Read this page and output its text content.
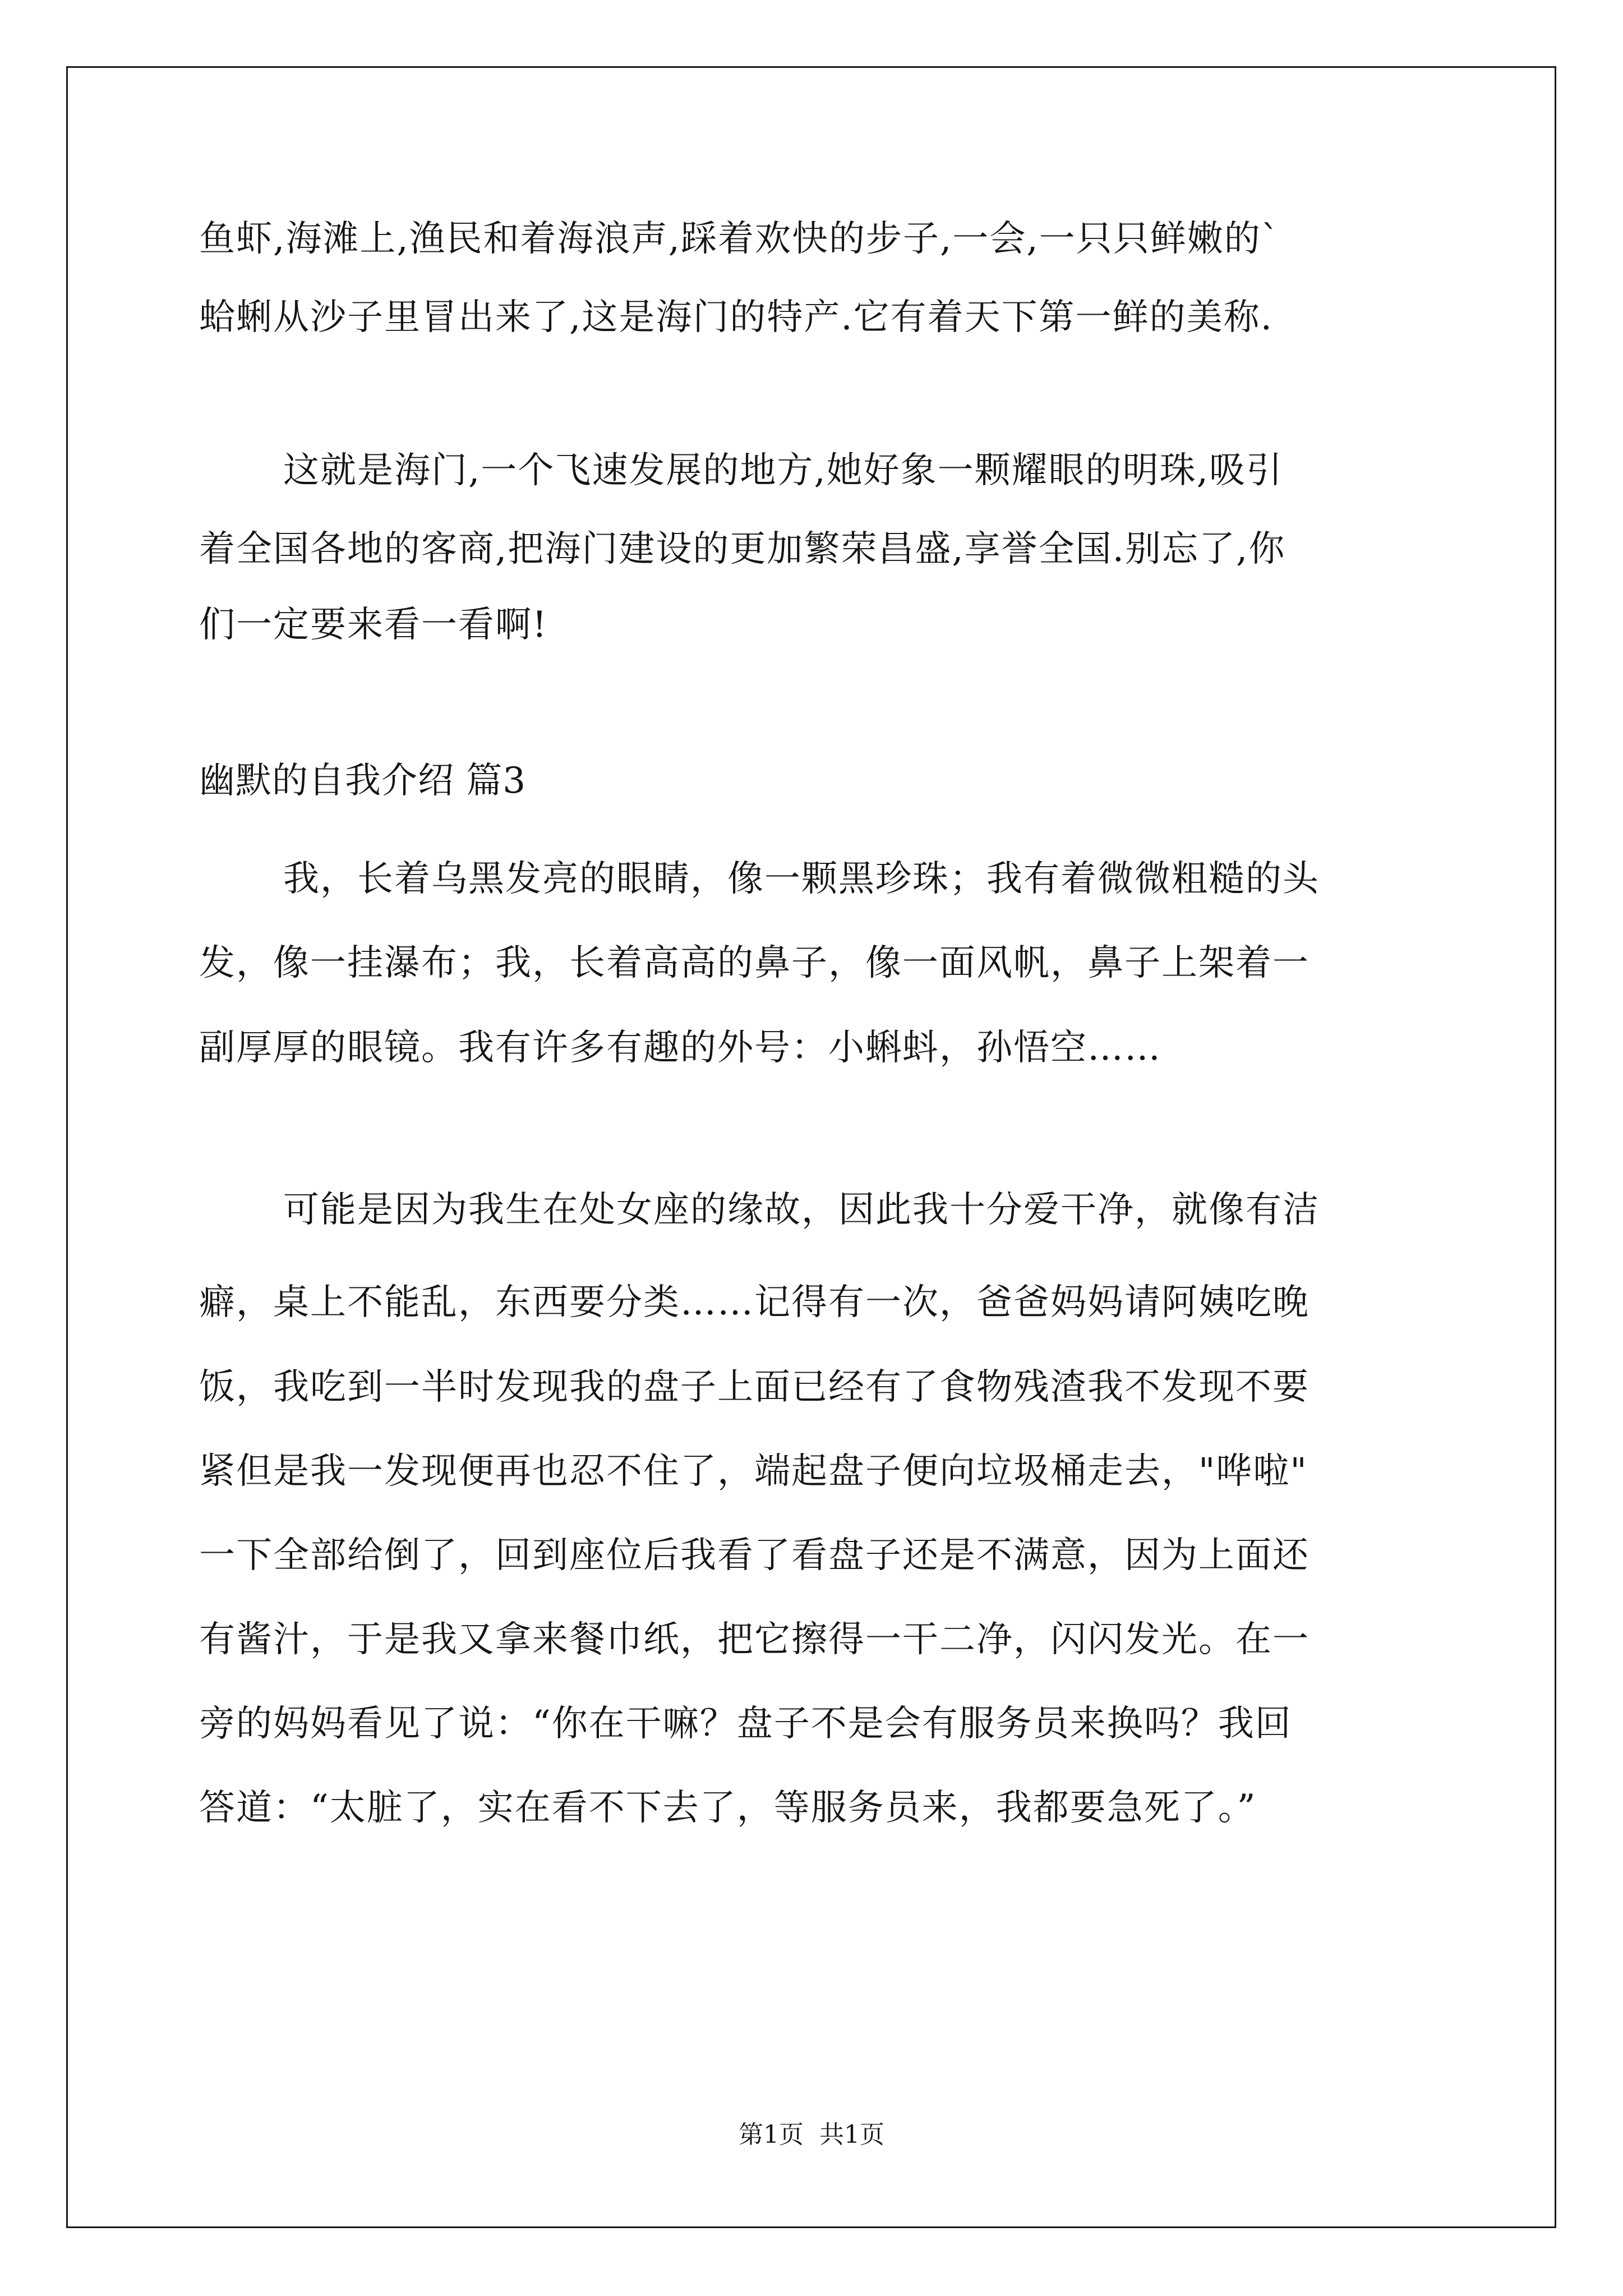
鱼虾,海滩上,渔民和着海浪声,踩着欢快的步子,一会,一只只鲜嫩的`
蛤蜊从沙子里冒出来了,这是海门的特产.它有着天下第一鲜的美称.
这就是海门,一个飞速发展的地方,她好象一颗耀眼的明珠,吸引
着全国各地的客商,把海门建设的更加繁荣昌盛,享誉全国.别忘了,你
们一定要来看一看啊!
幽默的自我介绍 篇3
我，长着乌黑发亮的眼睛，像一颗黑珍珠；我有着微微粗糙的头
发，像一挂瀑布；我，长着高高的鼻子，像一面风帆，鼻子上架着一
副厚厚的眼镜。我有许多有趣的外号：小蝌蚪，孙悟空……
可能是因为我生在处女座的缘故，因此我十分爱干净，就像有洁
癖，桌上不能乱，东西要分类……记得有一次，爸爸妈妈请阿姨吃晚
饭，我吃到一半时发现我的盘子上面已经有了食物残渣我不发现不要
紧但是我一发现便再也忍不住了，端起盘子便向垃圾桶走去，"哗啦"
一下全部给倒了，回到座位后我看了看盘子还是不满意，因为上面还
有酱汁，于是我又拿来餐巾纸，把它擦得一干二净，闪闪发光。在一
旁的妈妈看见了说：“你在干嘛？盘子不是会有服务员来换吗？我回
答道：“太脏了，实在看不下去了，等服务员来，我都要急死了。”
第1页 共1页
